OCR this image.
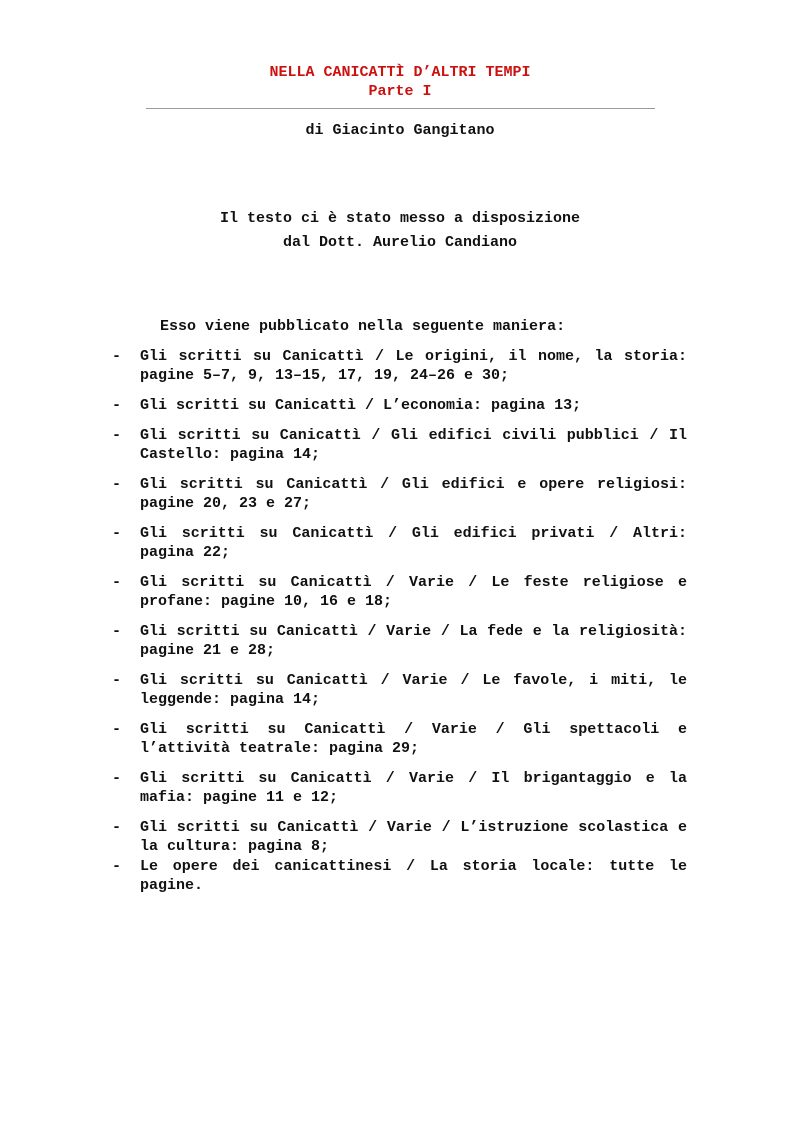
NELLA CANICATTÌ D’ALTRI TEMPI

Parte I

di Giacinto Gangitano

Il testo ci è stato messo a disposizione
dal Dott. Aurelio Candiano

Esso viene pubblicato nella seguente maniera:

- Gli scritti su Canicattì / Le origini, il nome, la storia: pagine 5–7, 9, 13–15, 17, 19, 24–26 e 30;
- Gli scritti su Canicattì / L’economia: pagina 13;
- Gli scritti su Canicattì / Gli edifici civili pubblici / Il Castello: pagina 14;
- Gli scritti su Canicattì / Gli edifici e opere religiosi: pagine 20, 23 e 27;
- Gli scritti su Canicattì / Gli edifici privati / Altri: pagina 22;
- Gli scritti su Canicattì / Varie / Le feste religiose e profane: pagine 10, 16 e 18;
- Gli scritti su Canicattì / Varie / La fede e la religiosità: pagine 21 e 28;
- Gli scritti su Canicattì / Varie / Le favole, i miti, le leggende: pagina 14;
- Gli scritti su Canicattì / Varie / Gli spettacoli e l’attività teatrale: pagina 29;
- Gli scritti su Canicattì / Varie / Il brigantaggio e la mafia: pagine 11 e 12;
- Gli scritti su Canicattì / Varie / L’istruzione scolastica e la cultura: pagina 8;
- Le opere dei canicattinesi / La storia locale: tutte le pagine.
